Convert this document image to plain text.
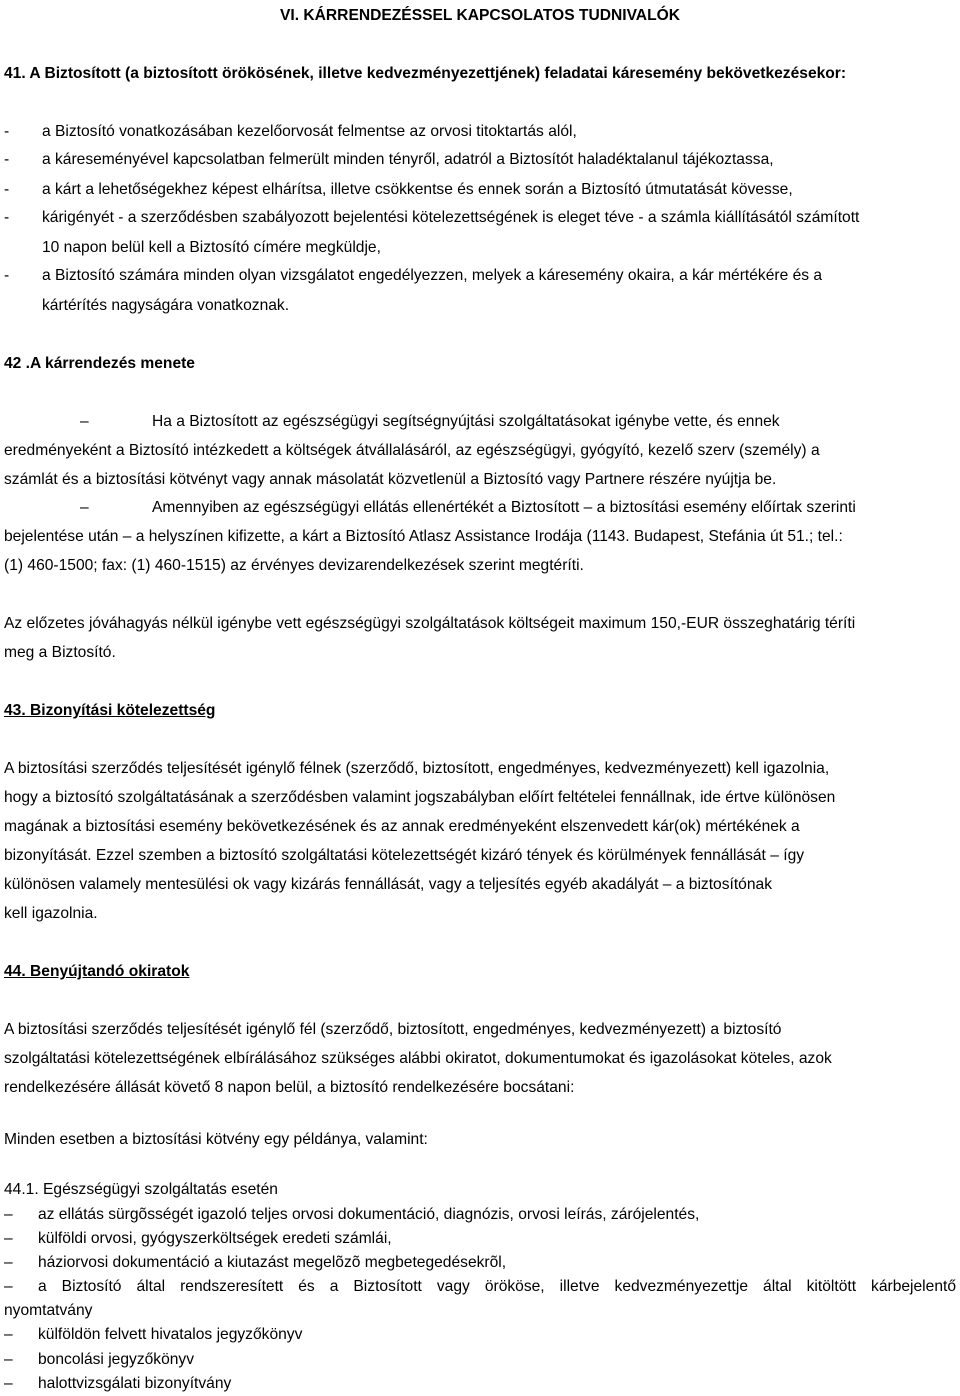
VI. KÁRRENDEZÉSSEL KAPCSOLATOS TUDNIVALÓK
41. A Biztosított (a biztosított örökösének, illetve kedvezményezettjének) feladatai káresemény bekövetkezésekor:
- a Biztosító vonatkozásában kezelőorvosát felmentse az orvosi titoktartás alól,
- a káreseményével kapcsolatban felmerült minden tényről, adatról a Biztosítót haladéktalanul tájékoztassa,
- a kárt a lehetőségekhez képest elhárítsa, illetve csökkentse és ennek során a Biztosító útmutatását kövesse,
- kárigényét - a szerződésben szabályozott bejelentési kötelezettségének is eleget téve - a számla kiállításától számított
10 napon belül kell a Biztosító címére megküldje,
- a Biztosító számára minden olyan vizsgálatot engedélyezzen, melyek a káresemény okaira, a kár mértékére és a
kártérítés nagyságára vonatkoznak.
42 .A kárrendezés menete
–	Ha a Biztosított az egészségügyi segítségnyújtási szolgáltatásokat igénybe vette, és ennek
eredményeként a Biztosító intézkedett a költségek átvállalásáról, az egészségügyi, gyógyító, kezelő szerv (személy) a
számlát és a biztosítási kötvényt vagy annak másolatát közvetlenül a Biztosító vagy Partnere részére nyújtja be.
–	Amennyiben az egészségügyi ellátás ellenértékét a Biztosított – a biztosítási esemény előírtak szerinti
bejelentése után – a helyszínen kifizette, a kárt a Biztosító Atlasz Assistance Irodája (1143. Budapest, Stefánia út 51.; tel.:
(1) 460-1500; fax: (1) 460-1515) az érvényes devizarendelkezések szerint megtéríti.
Az előzetes jóváhagyás nélkül igénybe vett egészségügyi szolgáltatások költségeit maximum 150,-EUR összeghatárig téríti
meg a Biztosító.
43. Bizonyítási kötelezettség
A biztosítási szerződés teljesítését igénylő félnek (szerződő, biztosított, engedményes, kedvezményezett) kell igazolnia,
hogy a biztosító szolgáltatásának a szerződésben valamint jogszabályban előírt feltételei fennállnak, ide értve különösen
magának a biztosítási esemény bekövetkezésének és az annak eredményeként elszenvedett kár(ok) mértékének a
bizonyítását. Ezzel szemben a biztosító szolgáltatási kötelezettségét kizáró tények és körülmények fennállását – így
különösen valamely mentesülési ok vagy kizárás fennállását, vagy a teljesítés egyéb akadályát – a biztosítónak
kell igazolnia.
44. Benyújtandó okiratok
A biztosítási szerződés teljesítését igénylő fél (szerződő, biztosított, engedményes, kedvezményezett) a biztosító
szolgáltatási kötelezettségének elbírálásához szükséges alábbi okiratot, dokumentumokat és igazolásokat köteles, azok
rendelkezésére állását követő 8 napon belül, a biztosító rendelkezésére bocsátani:
Minden esetben a biztosítási kötvény egy példánya, valamint:
44.1. Egészségügyi szolgáltatás esetén
– az ellátás sürgõsségét igazoló teljes orvosi dokumentáció, diagnózis, orvosi leírás, zárójelentés,
– külföldi orvosi, gyógyszerköltségek eredeti számlái,
– háziorvosi dokumentáció a kiutazást megelõzõ megbetegedésekrõl,
– a Biztosító által rendszeresített és a Biztosított vagy örököse, illetve kedvezményezettje által kitöltött kárbejelentő
nyomtatvány
– külföldön felvett hivatalos jegyzőkönyv
– boncolási jegyzőkönyv
– halottvizsgálati bizonyítvány
